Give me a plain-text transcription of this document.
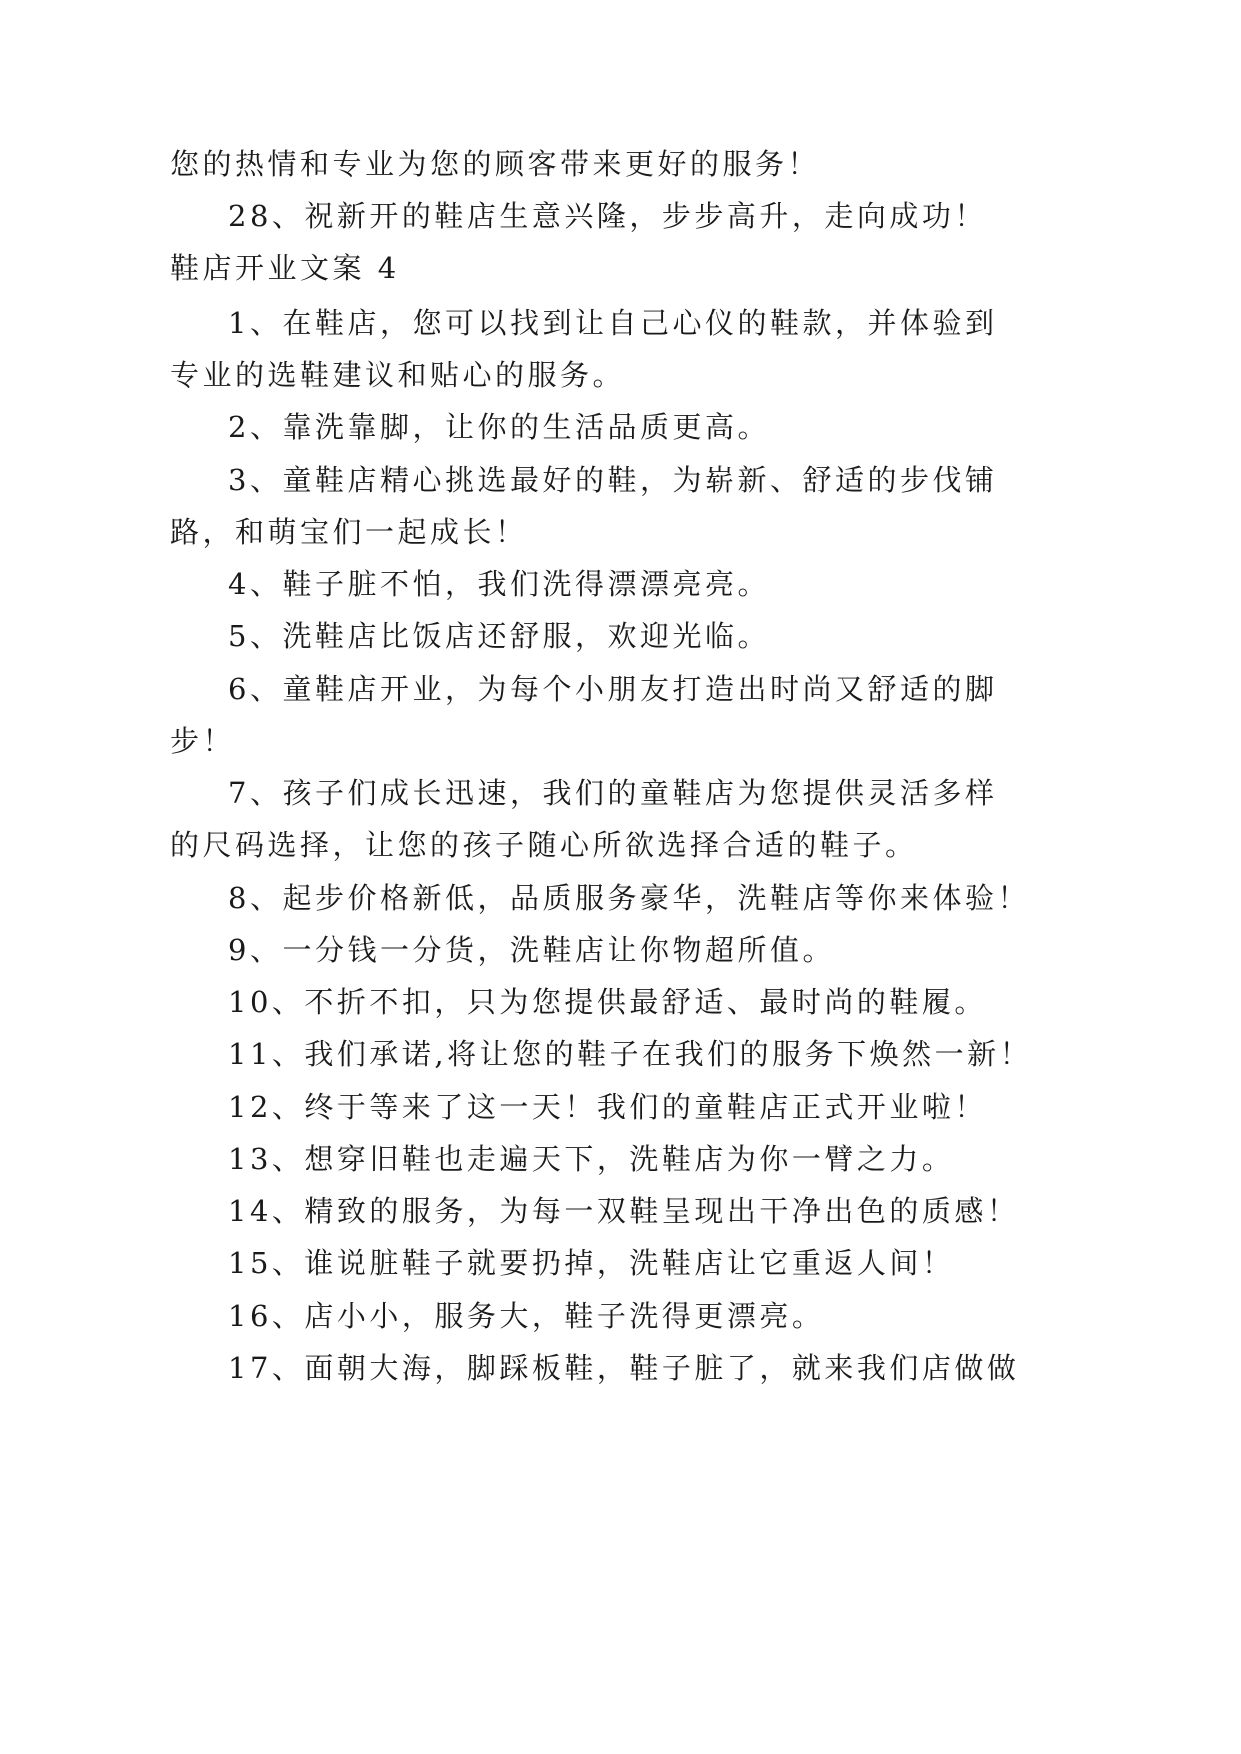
您的热情和专业为您的顾客带来更好的服务！
28、祝新开的鞋店生意兴隆，步步高升，走向成功！
鞋店开业文案 4
1、在鞋店，您可以找到让自己心仪的鞋款，并体验到
专业的选鞋建议和贴心的服务。
2、靠洗靠脚，让你的生活品质更高。
3、童鞋店精心挑选最好的鞋，为崭新、舒适的步伐铺
路，和萌宝们一起成长！
4、鞋子脏不怕，我们洗得漂漂亮亮。
5、洗鞋店比饭店还舒服，欢迎光临。
6、童鞋店开业，为每个小朋友打造出时尚又舒适的脚
步！
7、孩子们成长迅速，我们的童鞋店为您提供灵活多样
的尺码选择，让您的孩子随心所欲选择合适的鞋子。
8、起步价格新低，品质服务豪华，洗鞋店等你来体验！
9、一分钱一分货，洗鞋店让你物超所值。
10、不折不扣，只为您提供最舒适、最时尚的鞋履。
11、我们承诺,将让您的鞋子在我们的服务下焕然一新！
12、终于等来了这一天！我们的童鞋店正式开业啦！
13、想穿旧鞋也走遍天下，洗鞋店为你一臂之力。
14、精致的服务，为每一双鞋呈现出干净出色的质感！
15、谁说脏鞋子就要扔掉，洗鞋店让它重返人间！
16、店小小，服务大，鞋子洗得更漂亮。
17、面朝大海，脚踩板鞋，鞋子脏了，就来我们店做做
